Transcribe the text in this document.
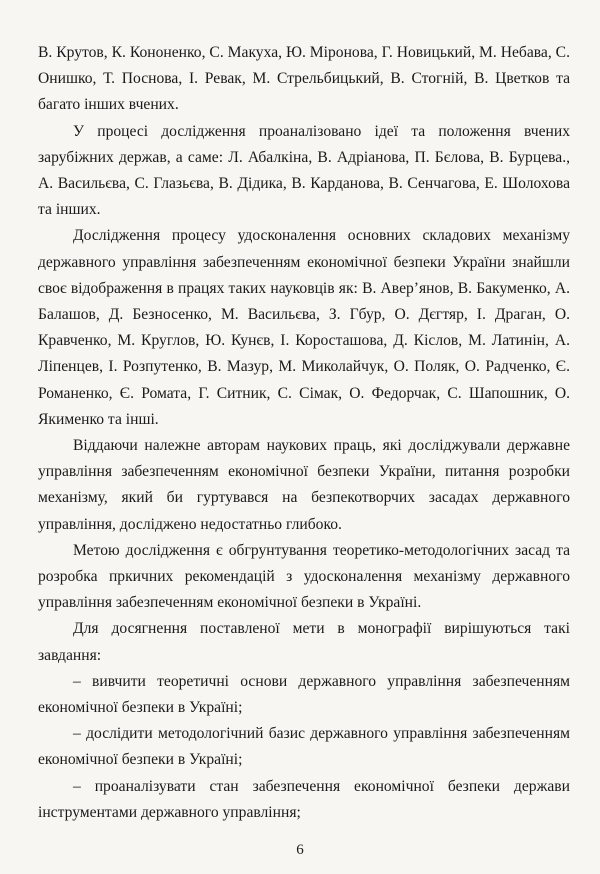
В. Крутов, К. Кононенко, С. Макуха, Ю. Міронова, Г. Новицький, М. Небава, С. Онишко, Т. Поснова, І. Ревак, М. Стрельбицький, В. Стогній, В. Цветков та багато інших вчених.

У процесі дослідження проаналізовано ідеї та положення вчених зарубіжних держав, а саме: Л. Абалкіна, В. Адріанова, П. Бєлова, В. Бурцева., А. Васильєва, С. Глазьєва, В. Дідика, В. Карданова, В. Сенчагова, Е. Шолохова та інших.

Дослідження процесу удосконалення основних складових механізму державного управління забезпеченням економічної безпеки України знайшли своє відображення в працях таких науковців як: В. Авер’янов, В. Бакуменко, А. Балашов, Д. Безносенко, М. Васильєва, З. Гбур, О. Дєгтяр, І. Драган, О. Кравченко, М. Круглов, Ю. Кунєв, І. Коросташова, Д. Кіслов, М. Латинін, А. Ліпенцев, І. Розпутенко, В. Мазур, М. Миколайчук, О. Поляк, О. Радченко, Є. Романенко, Є. Ромата, Г. Ситник, С. Сімак, О. Федорчак, С. Шапошник, О. Якименко та інші.

Віддаючи належне авторам наукових праць, які досліджували державне управління забезпеченням економічної безпеки України, питання розробки механізму, який би гуртувався на безпекотворчих засадах державного управління, досліджено недостатньо глибоко.

Метою дослідження є обгрунтування теоретико-методологічних засад та розробка пркичних рекомендацій з удосконалення механізму державного управління забезпеченням економічної безпеки в Україні.

Для досягнення поставленої мети в монографії вирішуються такі завдання:

– вивчити теоретичні основи державного управління забезпеченням економічної безпеки в Україні;

– дослідити методологічний базис державного управління забезпеченням економічної безпеки в Україні;

– проаналізувати стан забезпечення економічної безпеки держави інструментами державного управління;

6
